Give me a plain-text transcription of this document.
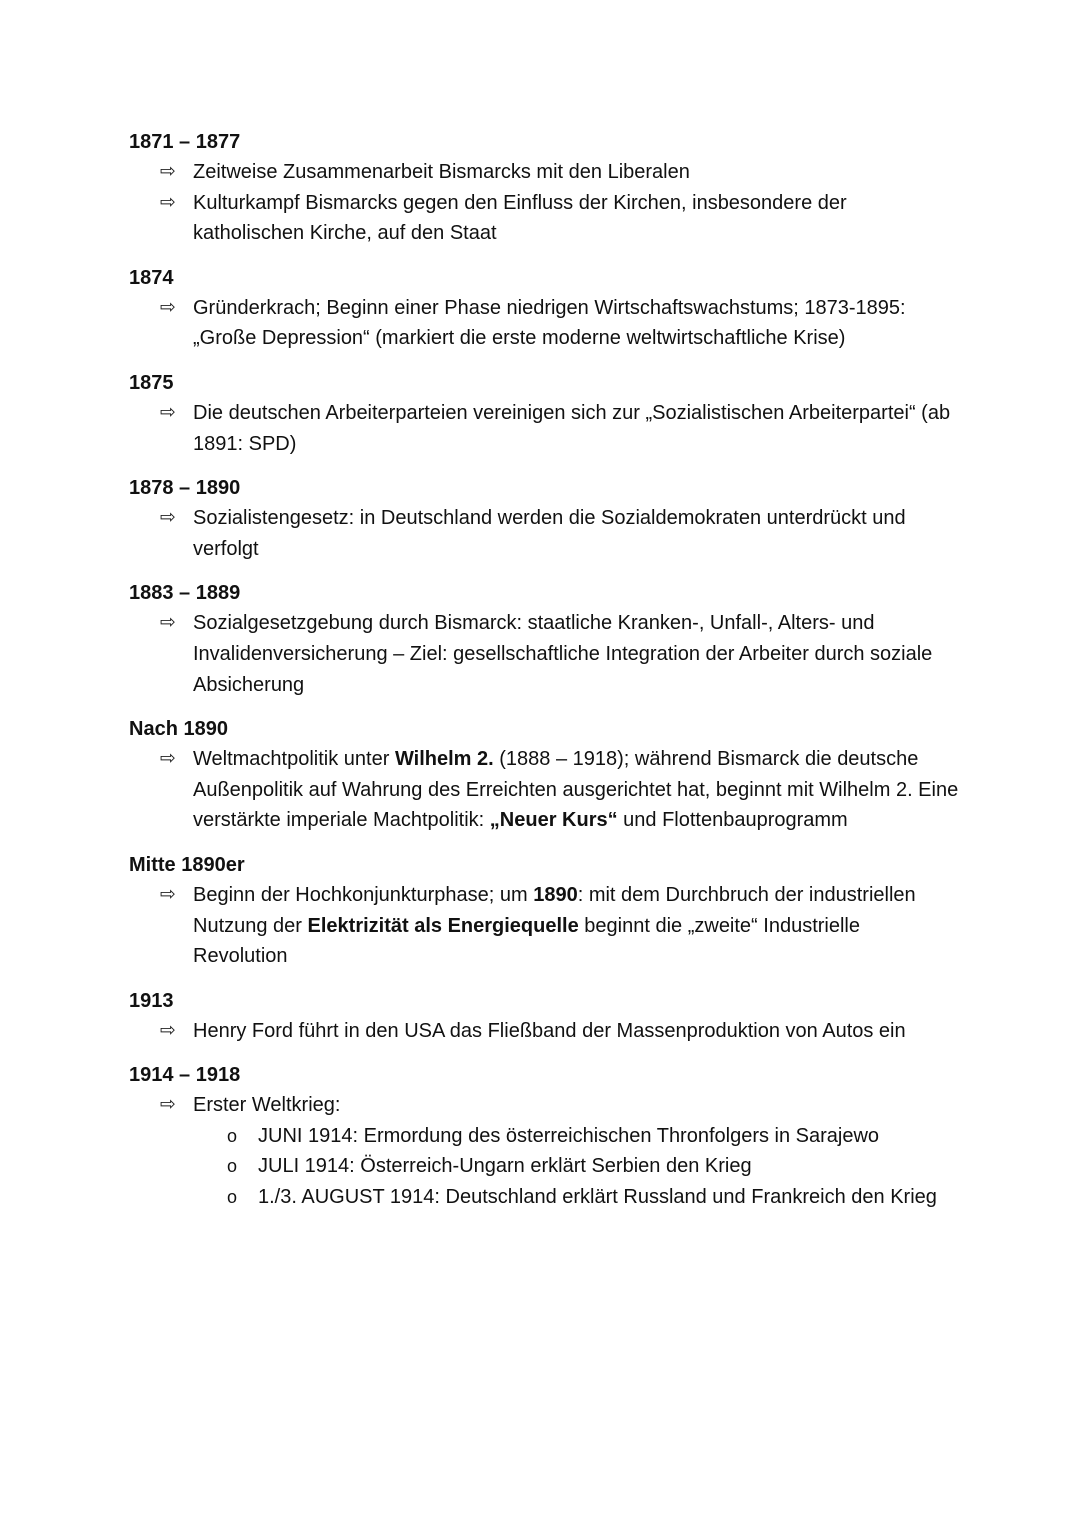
1871 – 1877
⇨ Zeitweise Zusammenarbeit Bismarcks mit den Liberalen
⇨ Kulturkampf Bismarcks gegen den Einfluss der Kirchen, insbesondere der katholischen Kirche, auf den Staat
1874
⇨ Gründerkrach; Beginn einer Phase niedrigen Wirtschaftswachstums; 1873-1895: „Große Depression“ (markiert die erste moderne weltwirtschaftliche Krise)
1875
⇨ Die deutschen Arbeiterparteien vereinigen sich zur „Sozialistischen Arbeiterpartei“ (ab 1891: SPD)
1878 – 1890
⇨ Sozialistengesetz: in Deutschland werden die Sozialdemokraten unterdrückt und verfolgt
1883 – 1889
⇨ Sozialgesetzgebung durch Bismarck: staatliche Kranken-, Unfall-, Alters- und Invalidenversicherung – Ziel: gesellschaftliche Integration der Arbeiter durch soziale Absicherung
Nach 1890
⇨ Weltmachtpolitik unter Wilhelm 2. (1888 – 1918); während Bismarck die deutsche Außenpolitik auf Wahrung des Erreichten ausgerichtet hat, beginnt mit Wilhelm 2. Eine verstärkte imperiale Machtpolitik: „Neuer Kurs“ und Flottenbauprogramm
Mitte 1890er
⇨ Beginn der Hochkonjunkturphase; um 1890: mit dem Durchbruch der industriellen Nutzung der Elektrizität als Energiequelle beginnt die „zweite“ Industrielle Revolution
1913
⇨ Henry Ford führt in den USA das Fließband der Massenproduktion von Autos ein
1914 – 1918
⇨ Erster Weltkrieg:
o JUNI 1914: Ermordung des österreichischen Thronfolgers in Sarajewo
o JULI 1914: Österreich-Ungarn erklärt Serbien den Krieg
o 1./3. AUGUST 1914: Deutschland erklärt Russland und Frankreich den Krieg
